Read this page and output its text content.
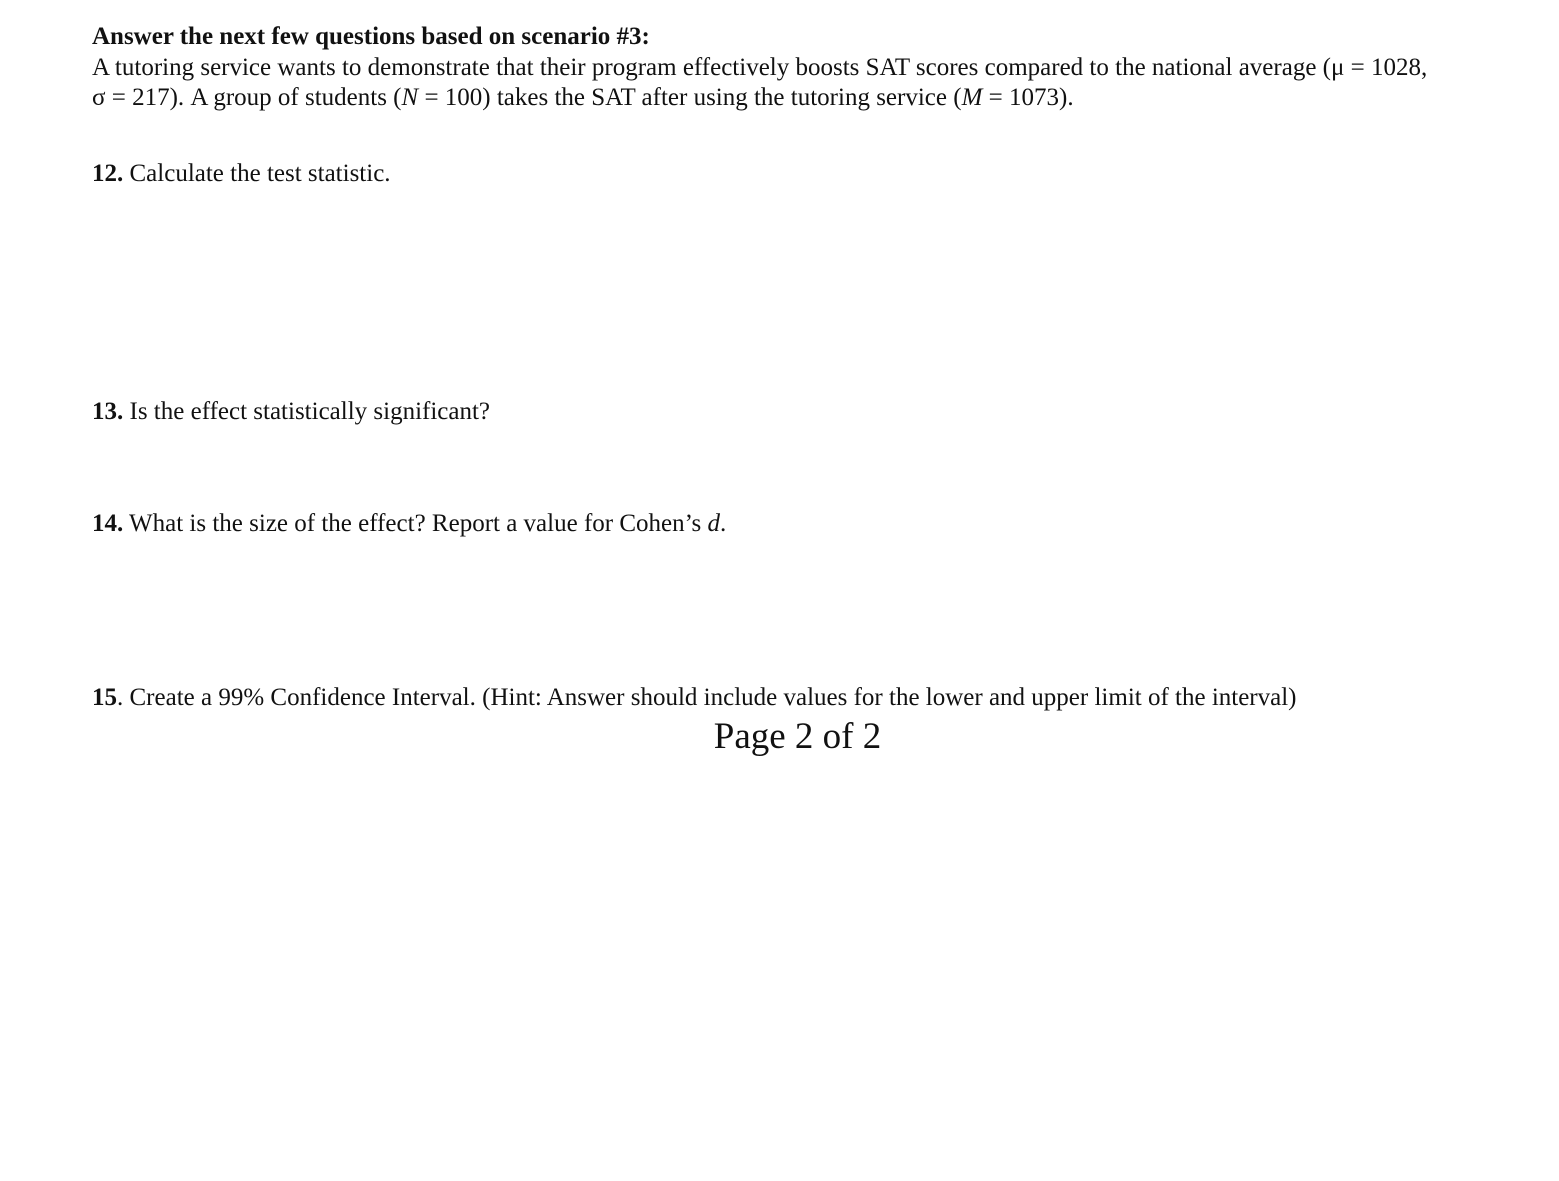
Answer the next few questions based on scenario #3:
A tutoring service wants to demonstrate that their program effectively boosts SAT scores compared to the national average (μ = 1028,
σ = 217). A group of students (N = 100) takes the SAT after using the tutoring service (M = 1073).
12. Calculate the test statistic.
13. Is the effect statistically significant?
14. What is the size of the effect? Report a value for Cohen’s d.
15. Create a 99% Confidence Interval. (Hint: Answer should include values for the lower and upper limit of the interval)
Page 2 of 2
